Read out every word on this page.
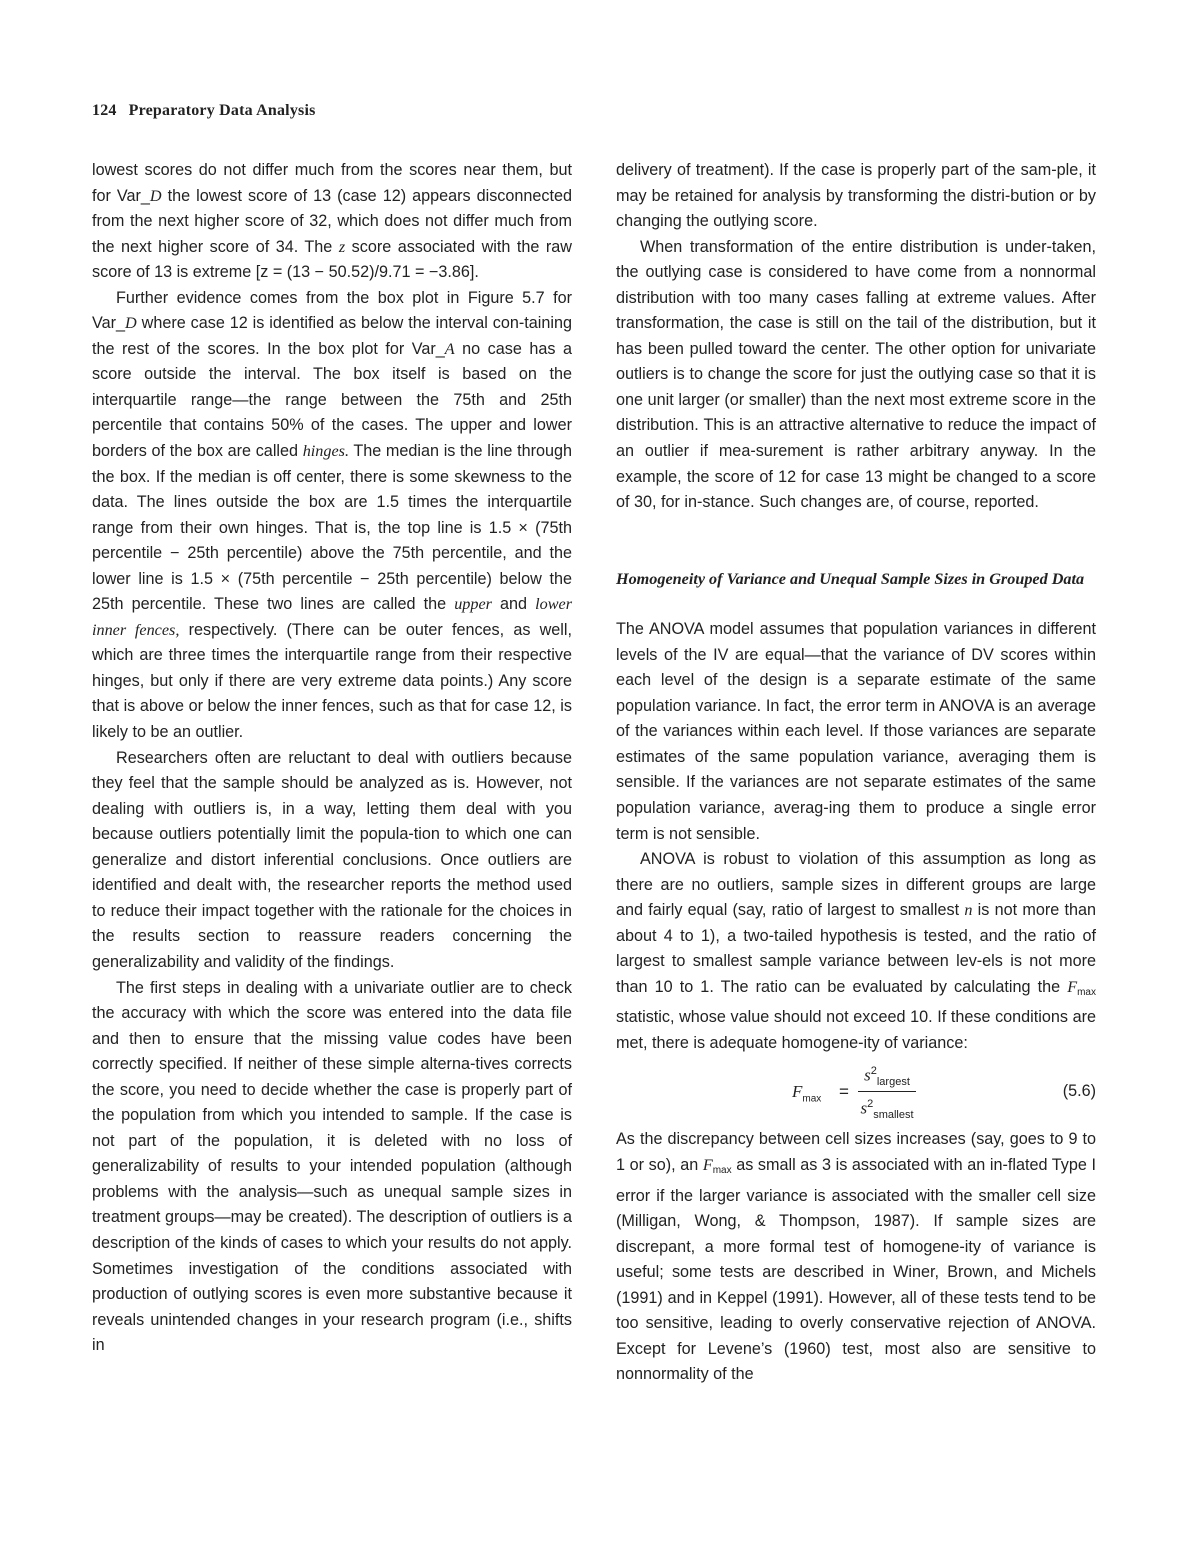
124 Preparatory Data Analysis

lowest scores do not differ much from the scores near them, but for Var_D the lowest score of 13 (case 12) appears disconnected from the next higher score of 32, which does not differ much from the next higher score of 34. The z score associated with the raw score of 13 is extreme [z = (13 − 50.52)/9.71 = −3.86].

Further evidence comes from the box plot in Figure 5.7 for Var_D where case 12 is identified as below the interval con-taining the rest of the scores. In the box plot for Var_A no case has a score outside the interval. The box itself is based on the interquartile range—the range between the 75th and 25th percentile that contains 50% of the cases. The upper and lower borders of the box are called hinges. The median is the line through the box. If the median is off center, there is some skewness to the data. The lines outside the box are 1.5 times the interquartile range from their own hinges. That is, the top line is 1.5 × (75th percentile − 25th percentile) above the 75th percentile, and the lower line is 1.5 × (75th percentile − 25th percentile) below the 25th percentile. These two lines are called the upper and lower inner fences, respectively. (There can be outer fences, as well, which are three times the interquartile range from their respective hinges, but only if there are very extreme data points.) Any score that is above or below the inner fences, such as that for case 12, is likely to be an outlier.

Researchers often are reluctant to deal with outliers because they feel that the sample should be analyzed as is. However, not dealing with outliers is, in a way, letting them deal with you because outliers potentially limit the popula-tion to which one can generalize and distort inferential conclusions. Once outliers are identified and dealt with, the researcher reports the method used to reduce their impact together with the rationale for the choices in the results section to reassure readers concerning the generalizability and validity of the findings.

The first steps in dealing with a univariate outlier are to check the accuracy with which the score was entered into the data file and then to ensure that the missing value codes have been correctly specified. If neither of these simple alterna-tives corrects the score, you need to decide whether the case is properly part of the population from which you intended to sample. If the case is not part of the population, it is deleted with no loss of generalizability of results to your intended population (although problems with the analysis—such as unequal sample sizes in treatment groups—may be created). The description of outliers is a description of the kinds of cases to which your results do not apply. Sometimes investigation of the conditions associated with production of outlying scores is even more substantive because it reveals unintended changes in your research program (i.e., shifts in

delivery of treatment). If the case is properly part of the sam-ple, it may be retained for analysis by transforming the distri-bution or by changing the outlying score.

When transformation of the entire distribution is under-taken, the outlying case is considered to have come from a nonnormal distribution with too many cases falling at extreme values. After transformation, the case is still on the tail of the distribution, but it has been pulled toward the center. The other option for univariate outliers is to change the score for just the outlying case so that it is one unit larger (or smaller) than the next most extreme score in the distribution. This is an attractive alternative to reduce the impact of an outlier if mea-surement is rather arbitrary anyway. In the example, the score of 12 for case 13 might be changed to a score of 30, for in-stance. Such changes are, of course, reported.

Homogeneity of Variance and Unequal Sample Sizes in Grouped Data

The ANOVA model assumes that population variances in different levels of the IV are equal—that the variance of DV scores within each level of the design is a separate estimate of the same population variance. In fact, the error term in ANOVA is an average of the variances within each level. If those variances are separate estimates of the same population variance, averaging them is sensible. If the variances are not separate estimates of the same population variance, averag-ing them to produce a single error term is not sensible.

ANOVA is robust to violation of this assumption as long as there are no outliers, sample sizes in different groups are large and fairly equal (say, ratio of largest to smallest n is not more than about 4 to 1), a two-tailed hypothesis is tested, and the ratio of largest to smallest sample variance between lev-els is not more than 10 to 1. The ratio can be evaluated by calculating the Fmax statistic, whose value should not exceed 10. If these conditions are met, there is adequate homogene-ity of variance:

$F_{max}$ =
$s^2_{largest}$
$s^2_{smallest}$
(5.6)

As the discrepancy between cell sizes increases (say, goes to 9 to 1 or so), an Fmax as small as 3 is associated with an in-flated Type I error if the larger variance is associated with the smaller cell size (Milligan, Wong, & Thompson, 1987). If sample sizes are discrepant, a more formal test of homogene-ity of variance is useful; some tests are described in Winer, Brown, and Michels (1991) and in Keppel (1991). However, all of these tests tend to be too sensitive, leading to overly conservative rejection of ANOVA. Except for Levene’s (1960) test, most also are sensitive to nonnormality of the
